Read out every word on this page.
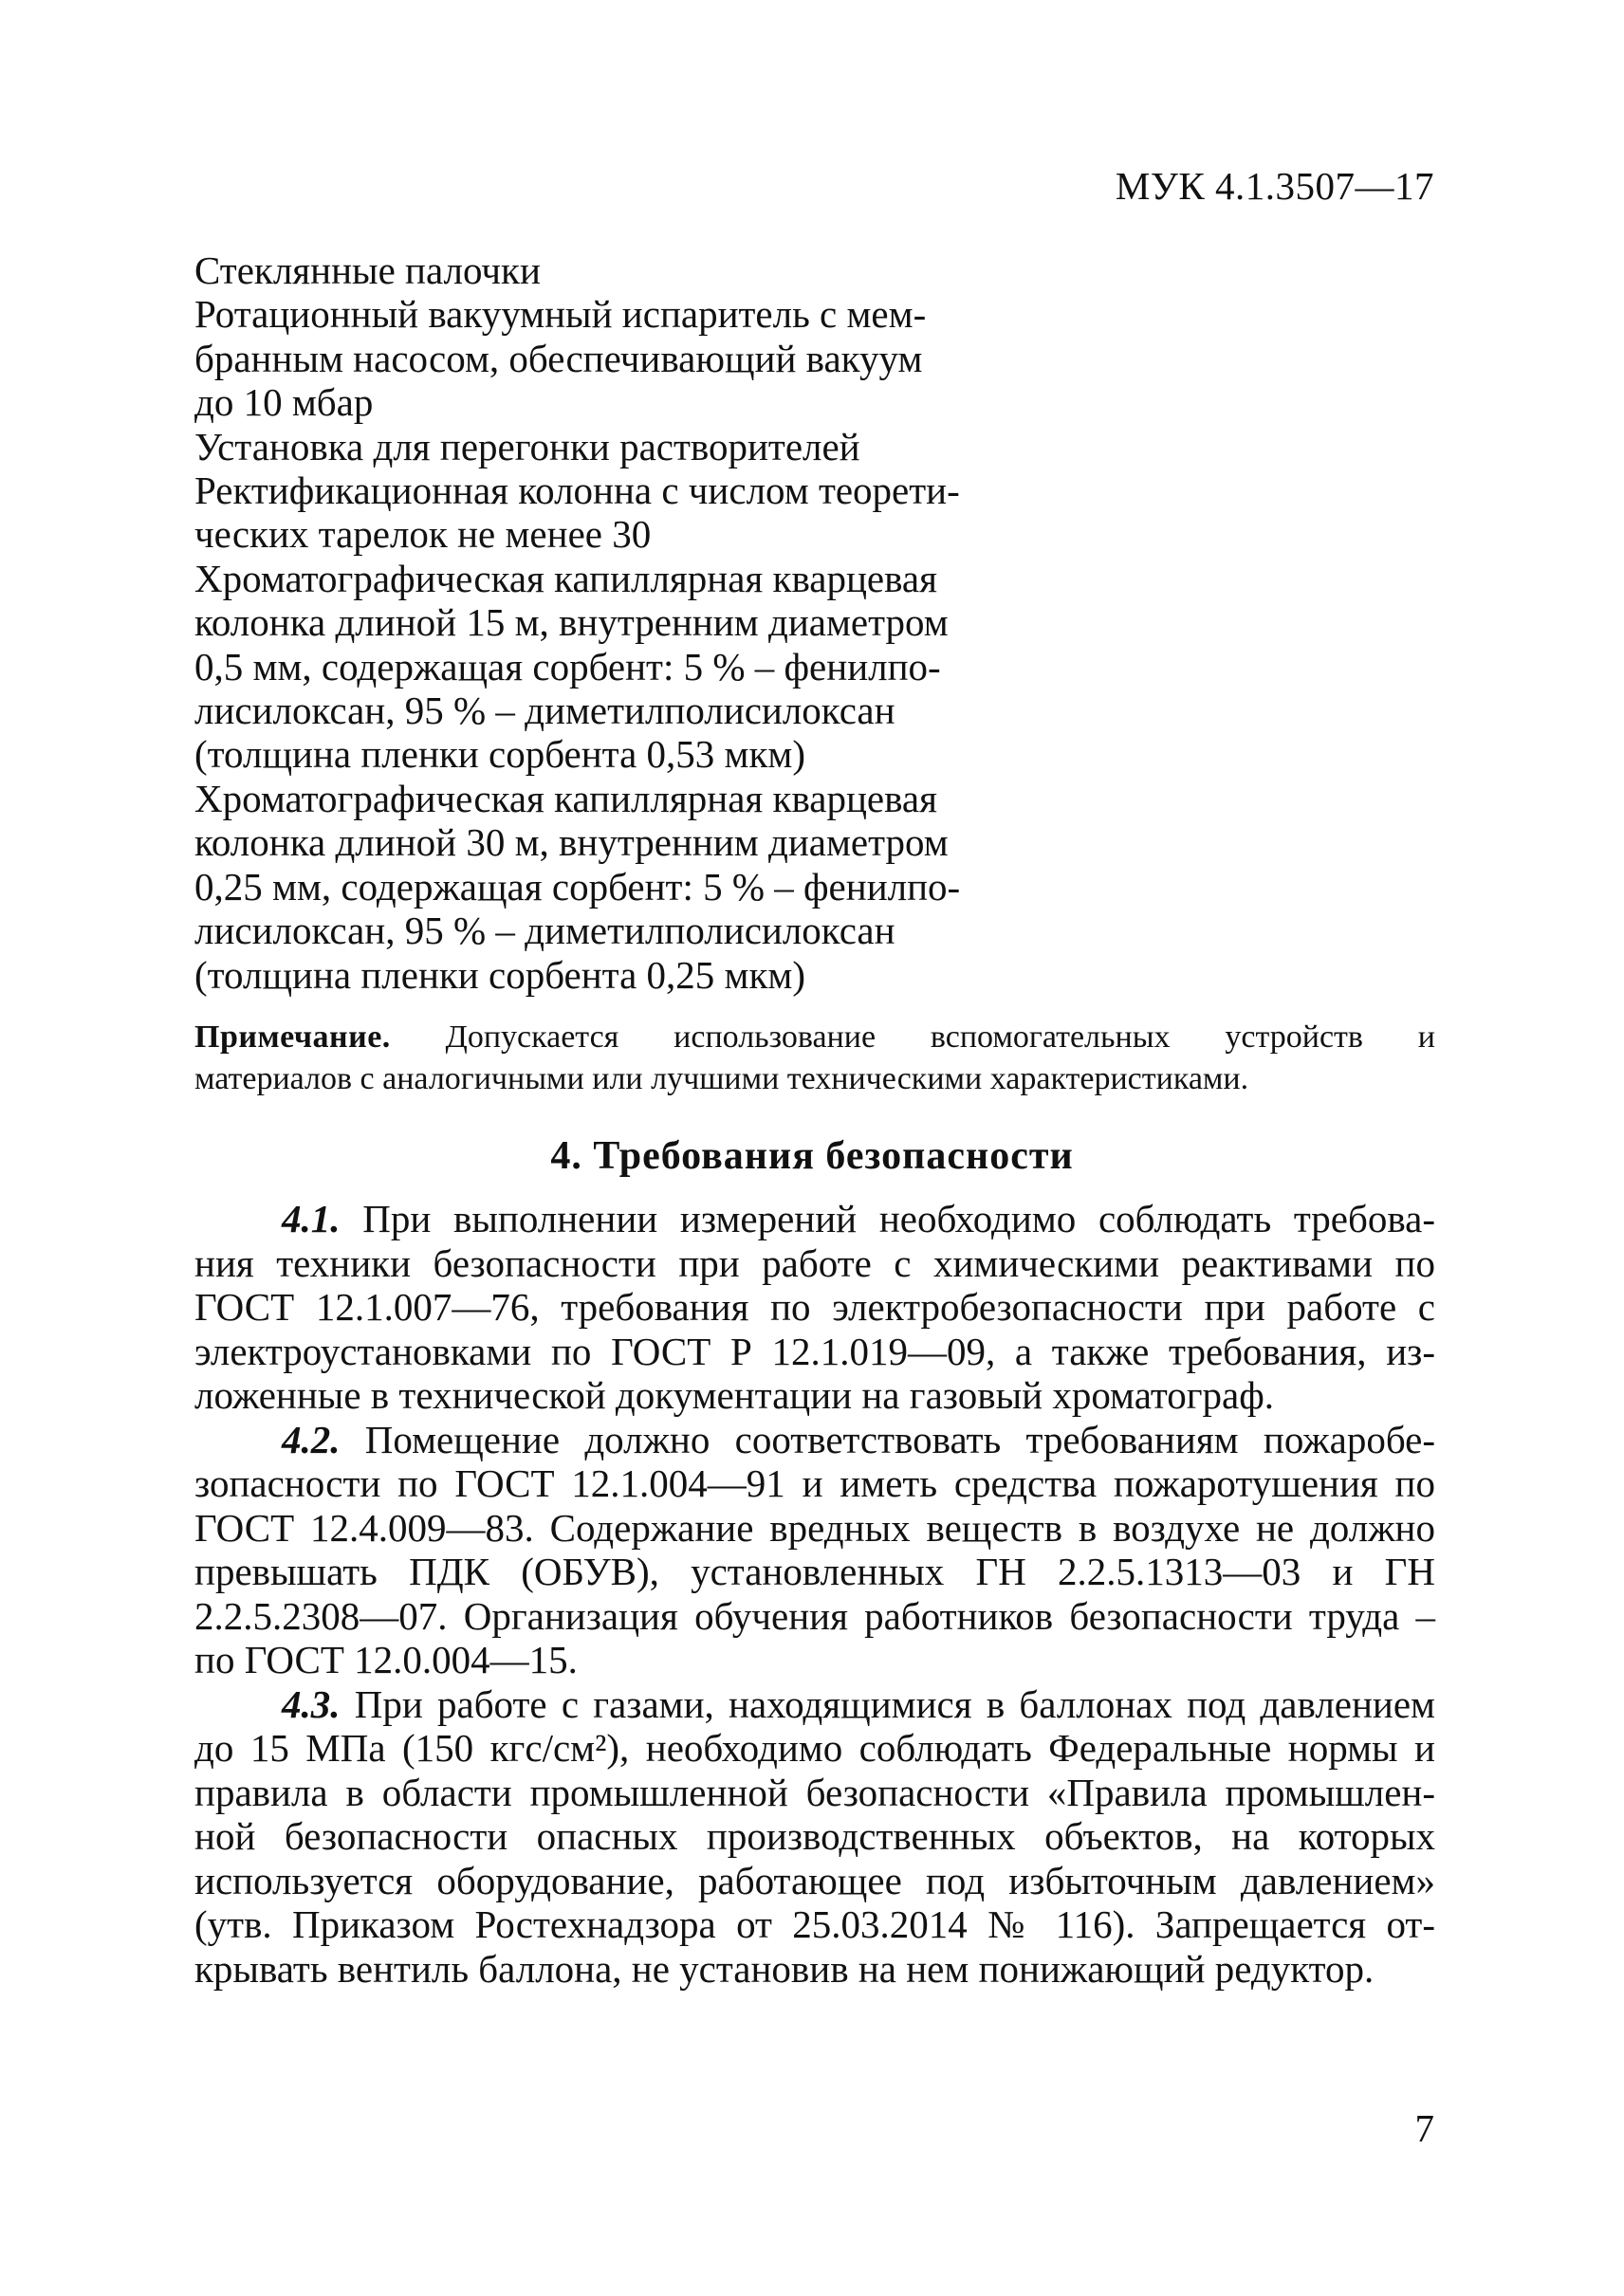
МУК 4.1.3507—17
Стеклянные палочки
Ротационный вакуумный испаритель с мем-
бранным насосом, обеспечивающий вакуум
до 10 мбар
Установка для перегонки растворителей
Ректификационная колонна с числом теорети-
ческих тарелок не менее 30
Хроматографическая капиллярная кварцевая
колонка длиной 15 м, внутренним диаметром
0,5 мм, содержащая сорбент: 5 % – фенилпо-
лисилоксан, 95 % – диметилполисилоксан
(толщина пленки сорбента 0,53 мкм)
Хроматографическая капиллярная кварцевая
колонка длиной 30 м, внутренним диаметром
0,25 мм, содержащая сорбент: 5 % – фенилпо-
лисилоксан, 95 % – диметилполисилоксан
(толщина пленки сорбента 0,25 мкм)
Примечание. Допускается использование вспомогательных устройств и
материалов с аналогичными или лучшими техническими характеристиками.
4. Требования безопасности
4.1. При выполнении измерений необходимо соблюдать требова-
ния техники безопасности при работе с химическими реактивами по
ГОСТ 12.1.007—76, требования по электробезопасности при работе с
электроустановками по ГОСТ Р 12.1.019—09, а также требования, из-
ложенные в технической документации на газовый хроматограф.
4.2. Помещение должно соответствовать требованиям пожаробе-
зопасности по ГОСТ 12.1.004—91 и иметь средства пожаротушения по
ГОСТ 12.4.009—83. Содержание вредных веществ в воздухе не должно
превышать ПДК (ОБУВ), установленных ГН 2.2.5.1313—03 и ГН
2.2.5.2308—07. Организация обучения работников безопасности труда –
по ГОСТ 12.0.004—15.
4.3. При работе с газами, находящимися в баллонах под давлением
до 15 МПа (150 кгс/см²), необходимо соблюдать Федеральные нормы и
правила в области промышленной безопасности «Правила промышлен-
ной безопасности опасных производственных объектов, на которых
используется оборудование, работающее под избыточным давлением»
(утв. Приказом Ростехнадзора от 25.03.2014 № 116). Запрещается от-
крывать вентиль баллона, не установив на нем понижающий редуктор.
7
